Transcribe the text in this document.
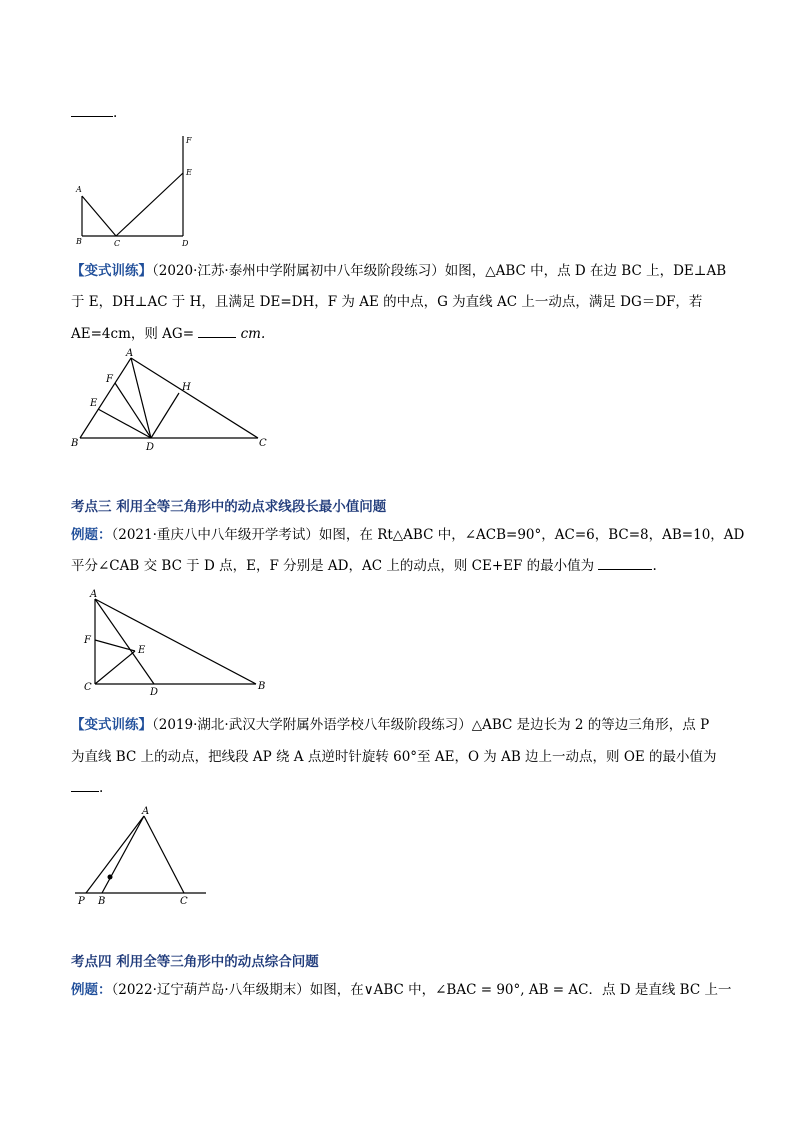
.
F
E
A
B	C	D
【变式训练】（2020·江苏·泰州中学附属初中八年级阶段练习）如图，△ABC 中，点 D 在边 BC 上，DE⊥AB
于 E，DH⊥AC 于 H，且满足 DE=DH，F 为 AE 的中点，G 为直线 AC 上一动点，满足 DG＝DF，若
AE=4cm，则 AG=	cm.
A
F
H
E
B	D	C
考点三 利用全等三角形中的动点求线段长最小值问题
例题：（2021·重庆八中八年级开学考试）如图，在 Rt△ABC 中，∠ACB=90°，AC=6，BC=8，AB=10，AD
平分∠CAB 交 BC 于 D 点，E，F 分别是 AD，AC 上的动点，则 CE+EF 的最小值为	.
A
F
E
C	D
B
【变式训练】（2019·湖北·武汉大学附属外语学校八年级阶段练习）△ABC 是边长为 2 的等边三角形，点 P
为直线 BC 上的动点，把线段 AP 绕 A 点逆时针旋转 60°至 AE，O 为 AB 边上一动点，则 OE 的最小值为
.
A
P B	C
考点四 利用全等三角形中的动点综合问题
例题：（2022·辽宁葫芦岛·八年级期末）如图，在∨ABC 中，∠BAC = 90°, AB = AC．点 D 是直线 BC 上一
